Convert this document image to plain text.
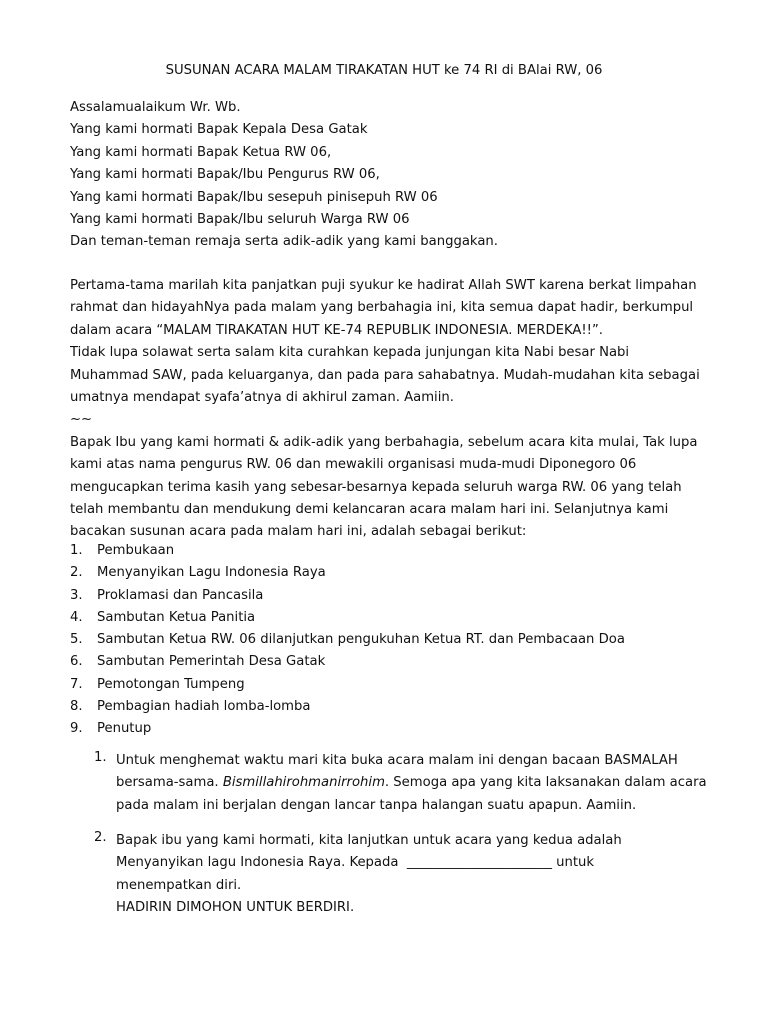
SUSUNAN ACARA MALAM TIRAKATAN HUT ke 74 RI di BAlai RW, 06
Assalamualaikum Wr. Wb.
Yang kami hormati Bapak Kepala Desa Gatak
Yang kami hormati Bapak Ketua RW 06,
Yang kami hormati Bapak/Ibu Pengurus RW 06,
Yang kami hormati Bapak/Ibu sesepuh pinisepuh RW 06
Yang kami hormati Bapak/Ibu seluruh Warga RW 06
Dan teman-teman remaja serta adik-adik yang kami banggakan.
Pertama-tama marilah kita panjatkan puji syukur ke hadirat Allah SWT karena berkat limpahan
rahmat dan hidayahNya pada malam yang berbahagia ini, kita semua dapat hadir, berkumpul
dalam acara “MALAM TIRAKATAN HUT KE-74 REPUBLIK INDONESIA. MERDEKA!!”.
Tidak lupa solawat serta salam kita curahkan kepada junjungan kita Nabi besar Nabi
Muhammad SAW, pada keluarganya, dan pada para sahabatnya. Mudah-mudahan kita sebagai
umatnya mendapat syafa’atnya di akhirul zaman. Aamiin.
~~
Bapak Ibu yang kami hormati & adik-adik yang berbahagia, sebelum acara kita mulai, Tak lupa
kami atas nama pengurus RW. 06 dan mewakili organisasi muda-mudi Diponegoro 06
mengucapkan terima kasih yang sebesar-besarnya kepada seluruh warga RW. 06 yang telah
telah membantu dan mendukung demi kelancaran acara malam hari ini. Selanjutnya kami
bacakan susunan acara pada malam hari ini, adalah sebagai berikut:
1. Pembukaan
2. Menyanyikan Lagu Indonesia Raya
3. Proklamasi dan Pancasila
4. Sambutan Ketua Panitia
5. Sambutan Ketua RW. 06 dilanjutkan pengukuhan Ketua RT. dan Pembacaan Doa
6. Sambutan Pemerintah Desa Gatak
7. Pemotongan Tumpeng
8. Pembagian hadiah lomba-lomba
9. Penutup
1. Untuk menghemat waktu mari kita buka acara malam ini dengan bacaan BASMALAH
bersama-sama. Bismillahirohmanirrohim. Semoga apa yang kita laksanakan dalam acara
pada malam ini berjalan dengan lancar tanpa halangan suatu apapun. Aamiin.
2. Bapak ibu yang kami hormati, kita lanjutkan untuk acara yang kedua adalah
Menyanyikan lagu Indonesia Raya. Kepada  ______________________ untuk
menempatkan diri.
HADIRIN DIMOHON UNTUK BERDIRI.
